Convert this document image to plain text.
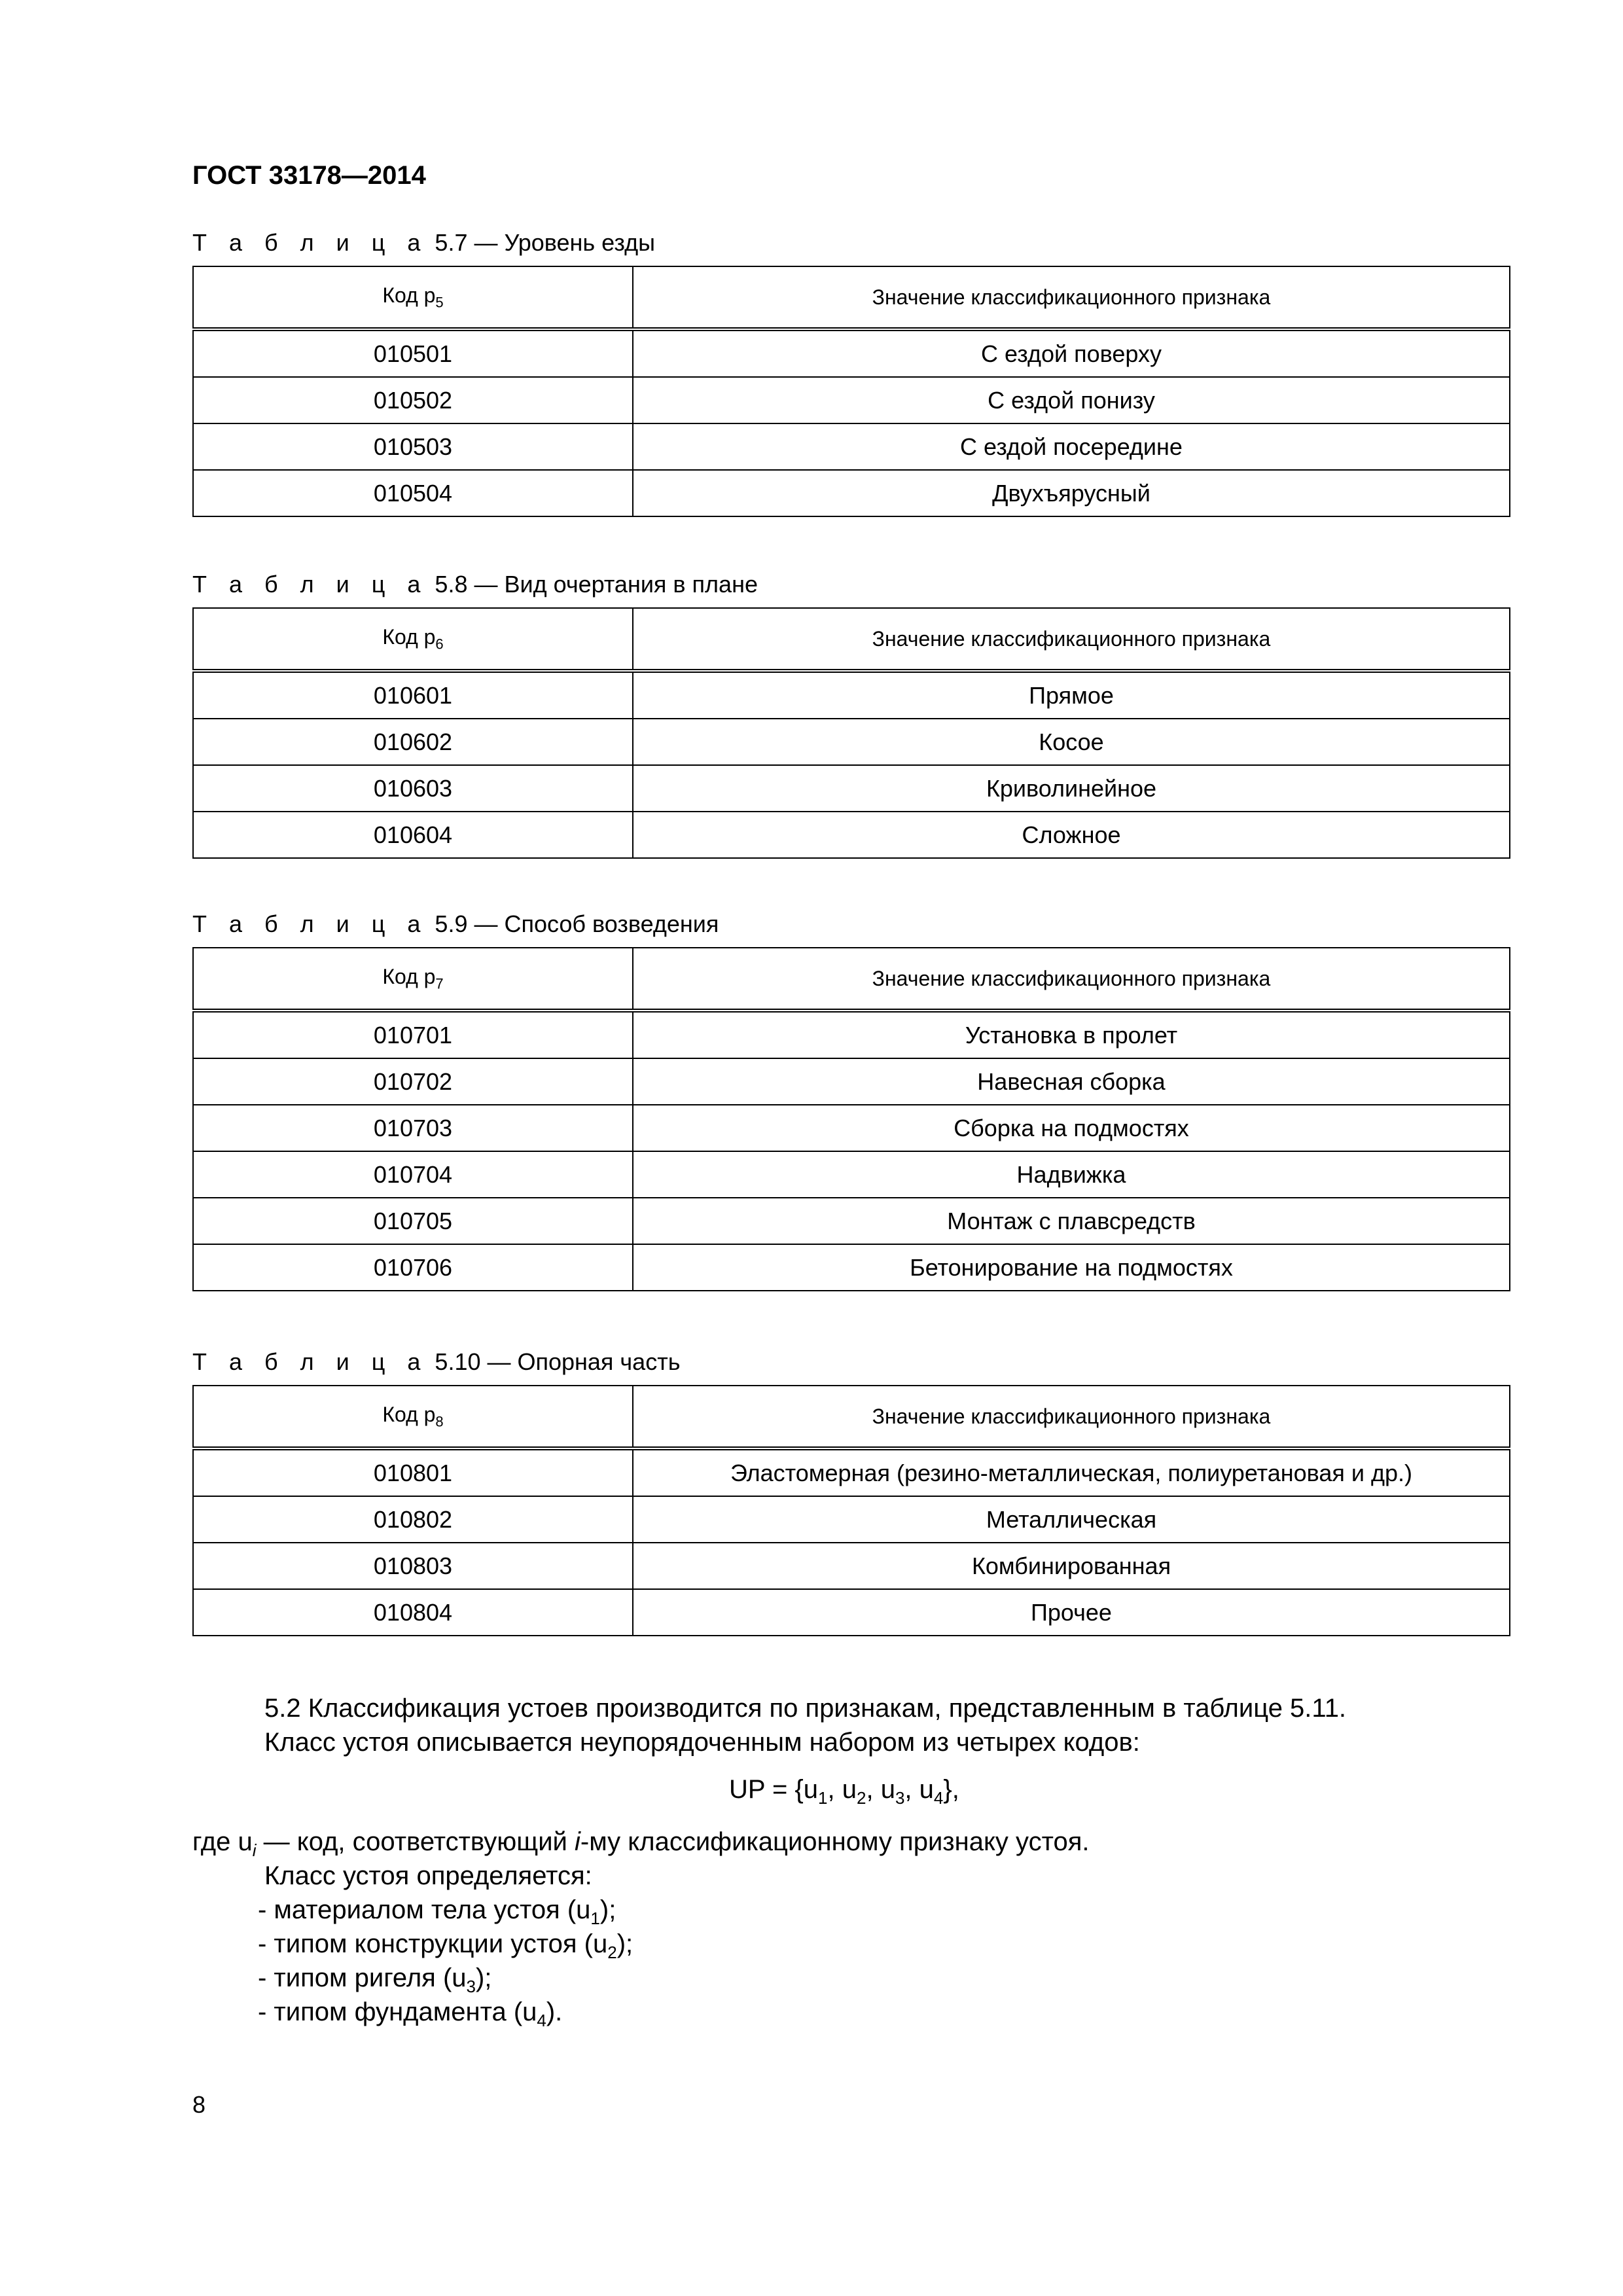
ГОСТ 33178—2014

Т а б л и ц а 5.7 — Уровень езды

Код $p_5$	Значение классификационного признака
010501	С ездой поверху
010502	С ездой понизу
010503	С ездой посередине
010504	Двухъярусный

Т а б л и ц а 5.8 — Вид очертания в плане

Код $p_6$	Значение классификационного признака
010601	Прямое
010602	Косое
010603	Криволинейное
010604	Сложное

Т а б л и ц а 5.9 — Способ возведения

Код $p_7$	Значение классификационного признака
010701	Установка в пролет
010702	Навесная сборка
010703	Сборка на подмостях
010704	Надвижка
010705	Монтаж с плавсредств
010706	Бетонирование на подмостях

Т а б л и ц а 5.10 — Опорная часть

Код $p_8$	Значение классификационного признака
010801	Эластомерная (резино-металлическая, полиуретановая и др.)
010802	Металлическая
010803	Комбинированная
010804	Прочее

5.2 Классификация устоев производится по признакам, представленным в таблице 5.11.

Класс устоя описывается неупорядоченным набором из четырех кодов:

UP = {$u_1$, $u_2$, $u_3$, $u_4$},

где $u_i$ — код, соответствующий i-му классификационному признаку устоя.

Класс устоя определяется:

- материалом тела устоя $(u_1)$;

- типом конструкции устоя $(u_2)$;

- типом ригеля $(u_3)$;

- типом фундамента $(u_4)$.

8
